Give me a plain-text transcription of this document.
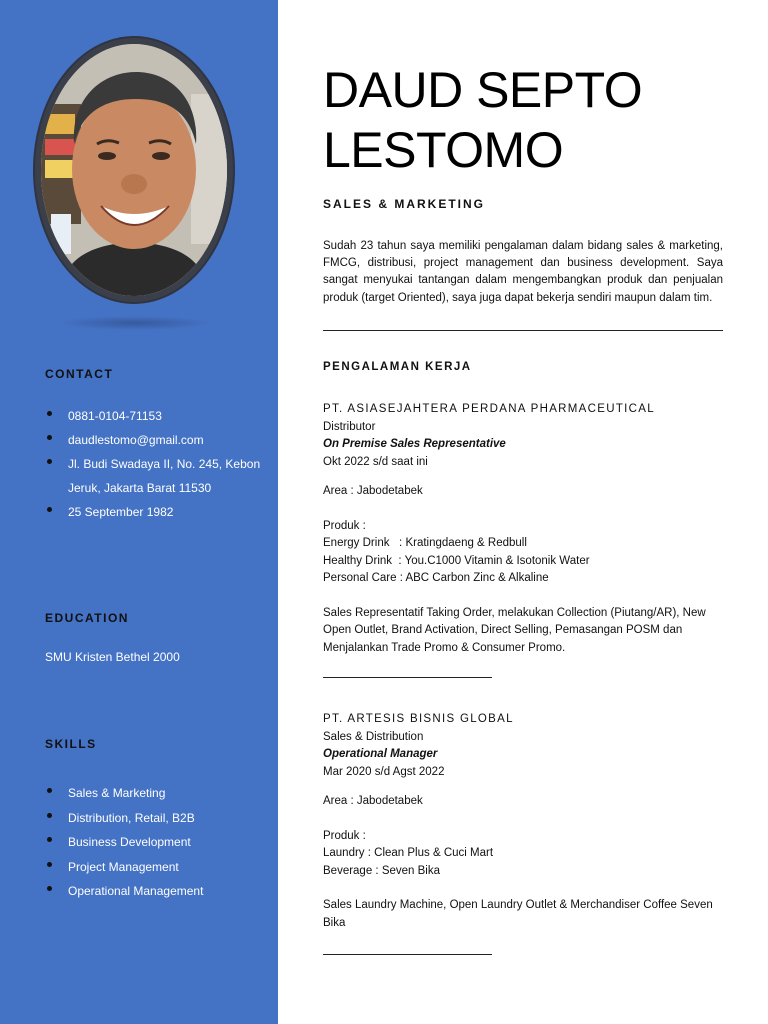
CONTACT
0881-0104-71153
daudlestomo@gmail.com
Jl. Budi Swadaya II, No. 245, Kebon Jeruk, Jakarta Barat 11530
25 September 1982
EDUCATION
SMU Kristen Bethel 2000
SKILLS
Sales & Marketing
Distribution, Retail, B2B
Business Development
Project Management
Operational Management
DAUD SEPTO LESTOMO
SALES & MARKETING
Sudah 23 tahun saya memiliki pengalaman dalam bidang sales & marketing, FMCG, distribusi, project management dan business development. Saya sangat menyukai tantangan dalam mengembangkan produk dan penjualan produk (target Oriented), saya juga dapat bekerja sendiri maupun dalam tim.
PENGALAMAN KERJA

PT. ASIASEJAHTERA PERDANA PHARMACEUTICAL

Distributor

On Premise Sales Representative

Okt 2022 s/d saat ini

Area : Jabodetabek

Produk :

Energy Drink   : Kratingdaeng & Redbull

Healthy Drink  : You.C1000 Vitamin & Isotonik Water

Personal Care : ABC Carbon Zinc & Alkaline

Sales Representatif Taking Order, melakukan Collection (Piutang/AR), New Open Outlet, Brand Activation, Direct Selling, Pemasangan POSM dan Menjalankan Trade Promo & Consumer Promo.

PT. ARTESIS BISNIS GLOBAL

Sales & Distribution

Operational Manager

Mar 2020 s/d Agst 2022

Area : Jabodetabek

Produk :

Laundry : Clean Plus & Cuci Mart

Beverage : Seven Bika

Sales Laundry Machine, Open Laundry Outlet & Merchandiser Coffee Seven Bika
